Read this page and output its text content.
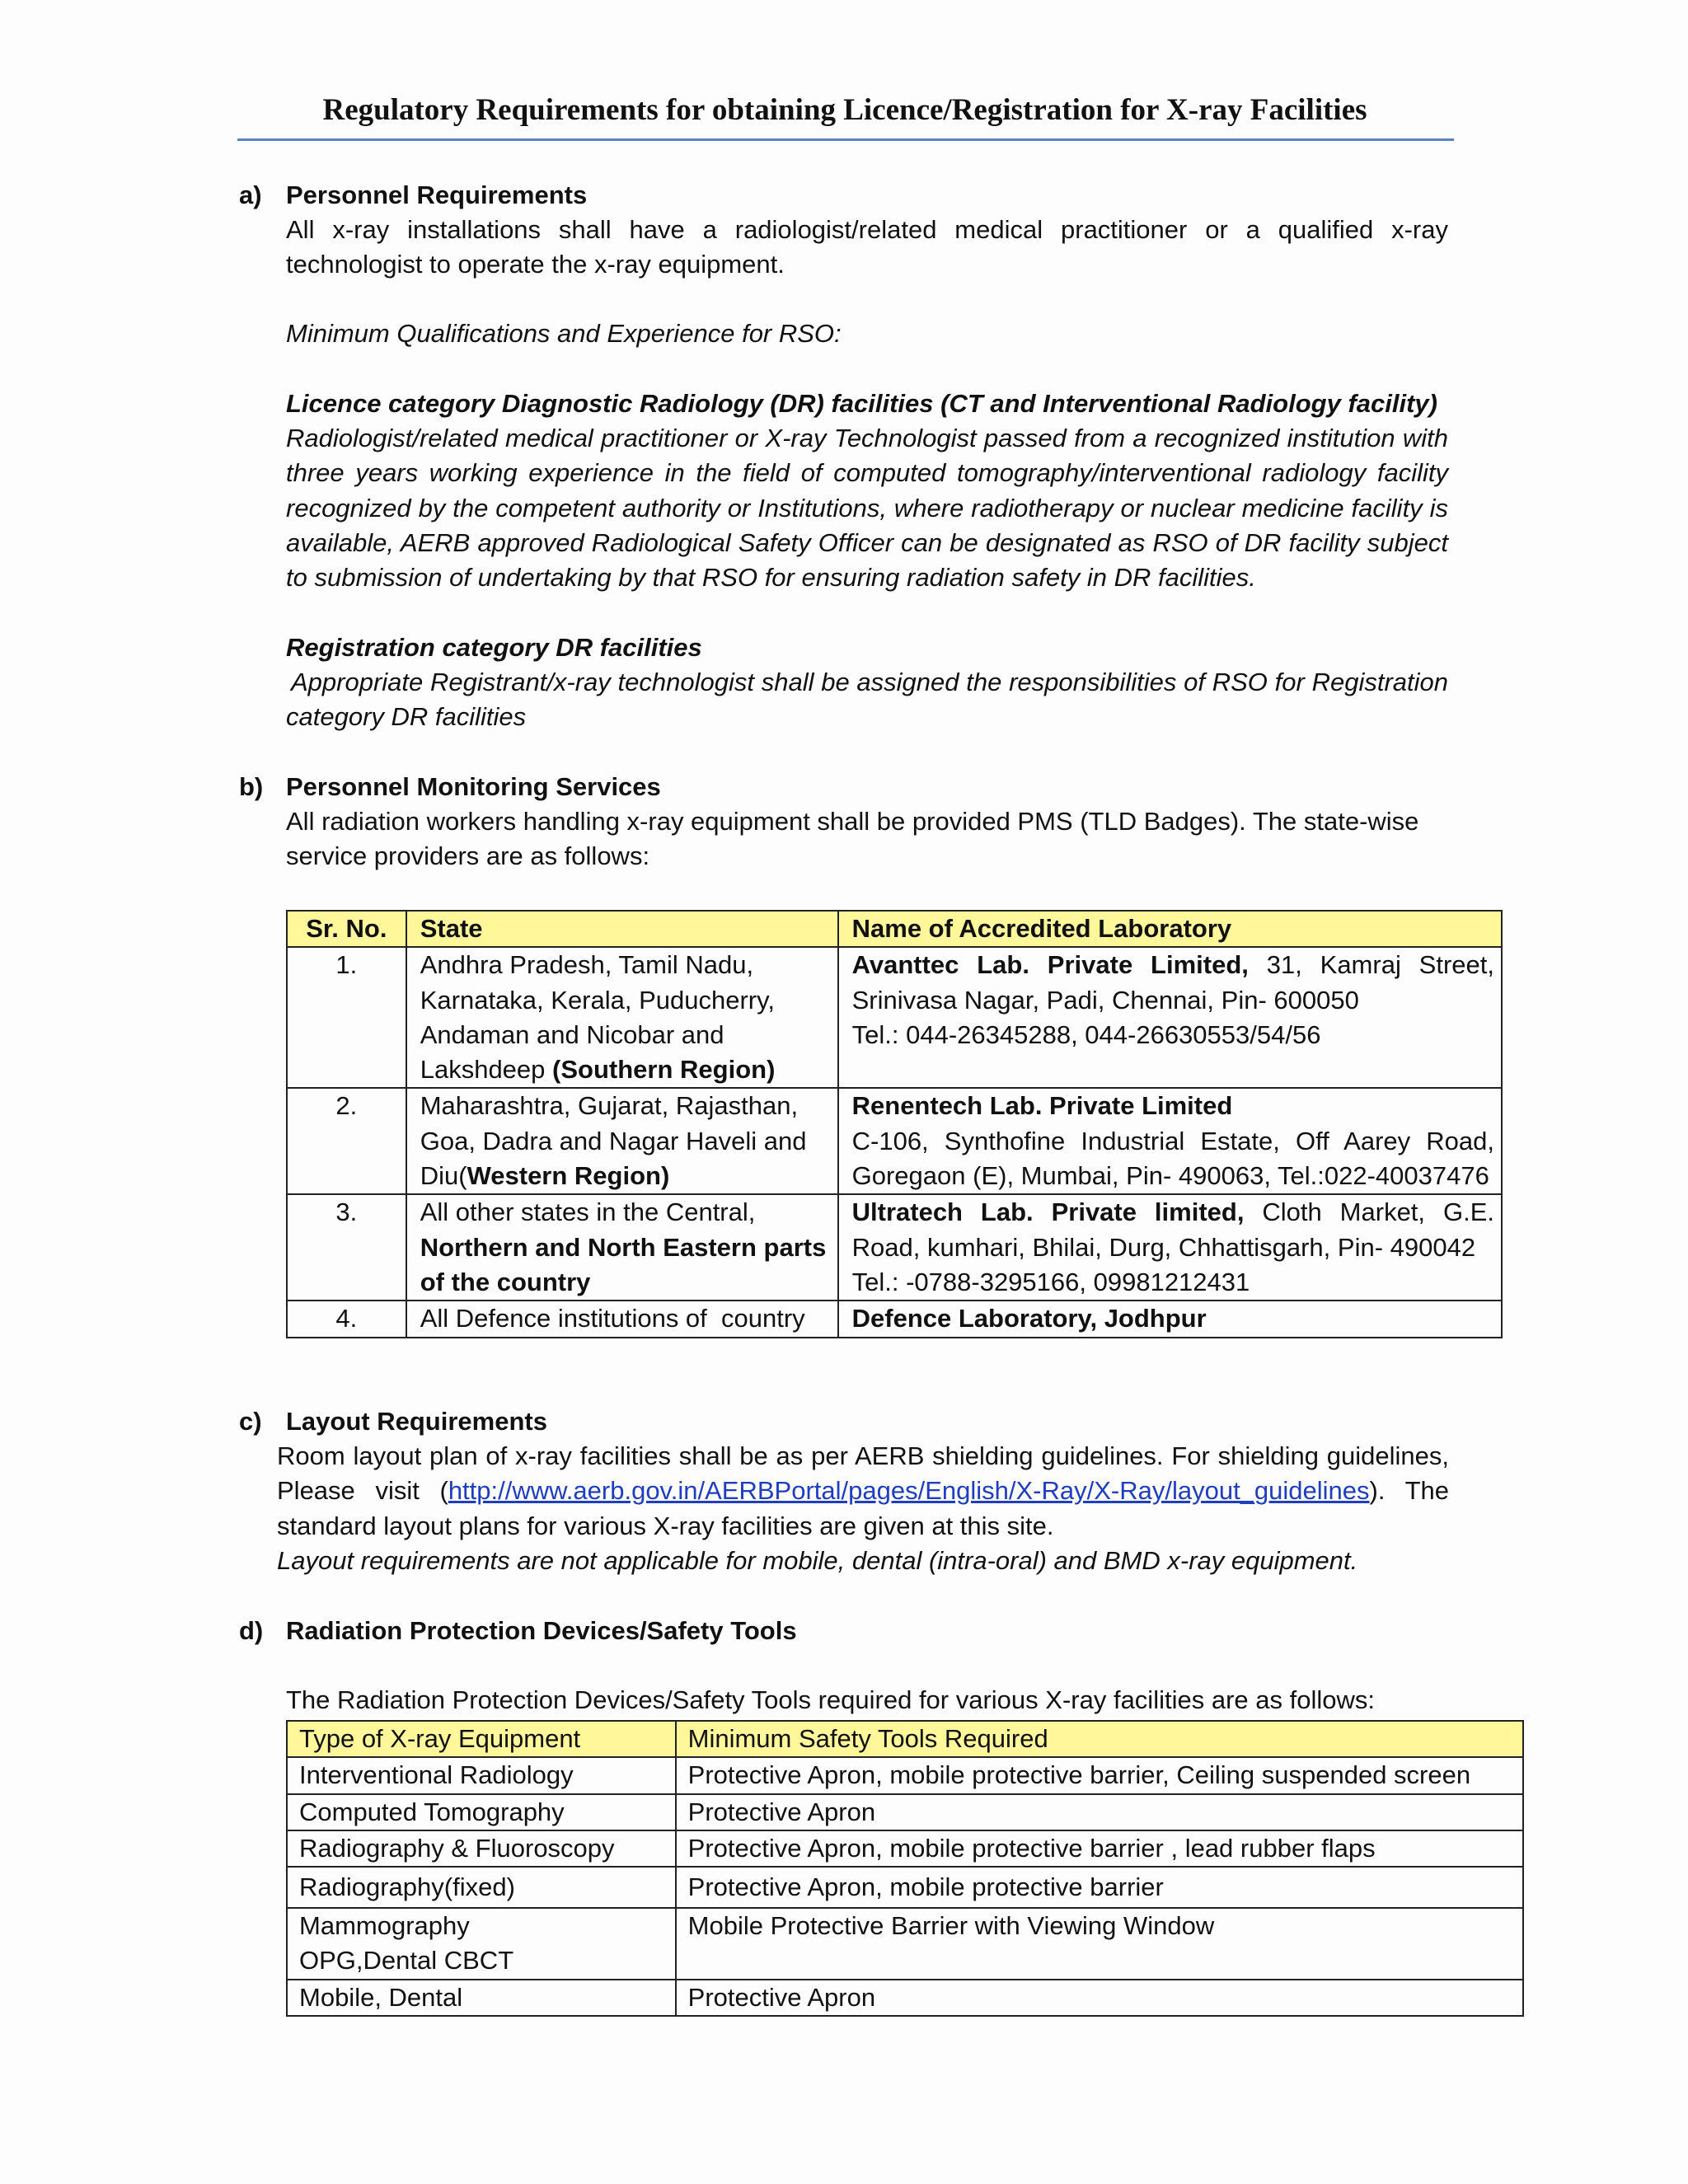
Regulatory Requirements for obtaining Licence/Registration for X-ray Facilities
a) Personnel Requirements
All x-ray installations shall have a radiologist/related medical practitioner or a qualified x-ray technologist to operate the x-ray equipment.
Minimum Qualifications and Experience for RSO:
Licence category Diagnostic Radiology (DR) facilities (CT and Interventional Radiology facility)
Radiologist/related medical practitioner or X-ray Technologist passed from a recognized institution with three years working experience in the field of computed tomography/interventional radiology facility recognized by the competent authority or Institutions, where radiotherapy or nuclear medicine facility is available, AERB approved Radiological Safety Officer can be designated as RSO of DR facility subject to submission of undertaking by that RSO for ensuring radiation safety in DR facilities.
Registration category DR facilities
Appropriate Registrant/x-ray technologist shall be assigned the responsibilities of RSO for Registration category DR facilities
b) Personnel Monitoring Services
All radiation workers handling x-ray equipment shall be provided PMS (TLD Badges). The state-wise service providers are as follows:
Sr. No.	State	Name of Accredited Laboratory
1.	Andhra Pradesh, Tamil Nadu, Karnataka, Kerala, Puducherry, Andaman and Nicobar and Lakshdeep (Southern Region)	Avanttec Lab. Private Limited, 31, Kamraj Street, Srinivasa Nagar, Padi, Chennai, Pin- 600050
Tel.: 044-26345288, 044-26630553/54/56
2.	Maharashtra, Gujarat, Rajasthan, Goa, Dadra and Nagar Haveli and Diu(Western Region)	Renentech Lab. Private Limited
C-106, Synthofine Industrial Estate, Off Aarey Road, Goregaon (E), Mumbai, Pin- 490063, Tel.:022-40037476
3.	All other states in the Central,
Northern and North Eastern parts of the country	Ultratech Lab. Private limited, Cloth Market, G.E. Road, kumhari, Bhilai, Durg, Chhattisgarh, Pin- 490042
Tel.: -0788-3295166, 09981212431
4.	All Defence institutions of  country	Defence Laboratory, Jodhpur
c) Layout Requirements
Room layout plan of x-ray facilities shall be as per AERB shielding guidelines. For shielding guidelines, Please visit (http://www.aerb.gov.in/AERBPortal/pages/English/X-Ray/X-Ray/layout_guidelines). The standard layout plans for various X-ray facilities are given at this site.
Layout requirements are not applicable for mobile, dental (intra-oral) and BMD x-ray equipment.
d) Radiation Protection Devices/Safety Tools
The Radiation Protection Devices/Safety Tools required for various X-ray facilities are as follows:
Type of X-ray Equipment	Minimum Safety Tools Required
Interventional Radiology	Protective Apron, mobile protective barrier, Ceiling suspended screen
Computed Tomography	Protective Apron
Radiography & Fluoroscopy	Protective Apron, mobile protective barrier , lead rubber flaps
Radiography(fixed)	Protective Apron, mobile protective barrier
Mammography
OPG,Dental CBCT	Mobile Protective Barrier with Viewing Window
Mobile, Dental	Protective Apron
